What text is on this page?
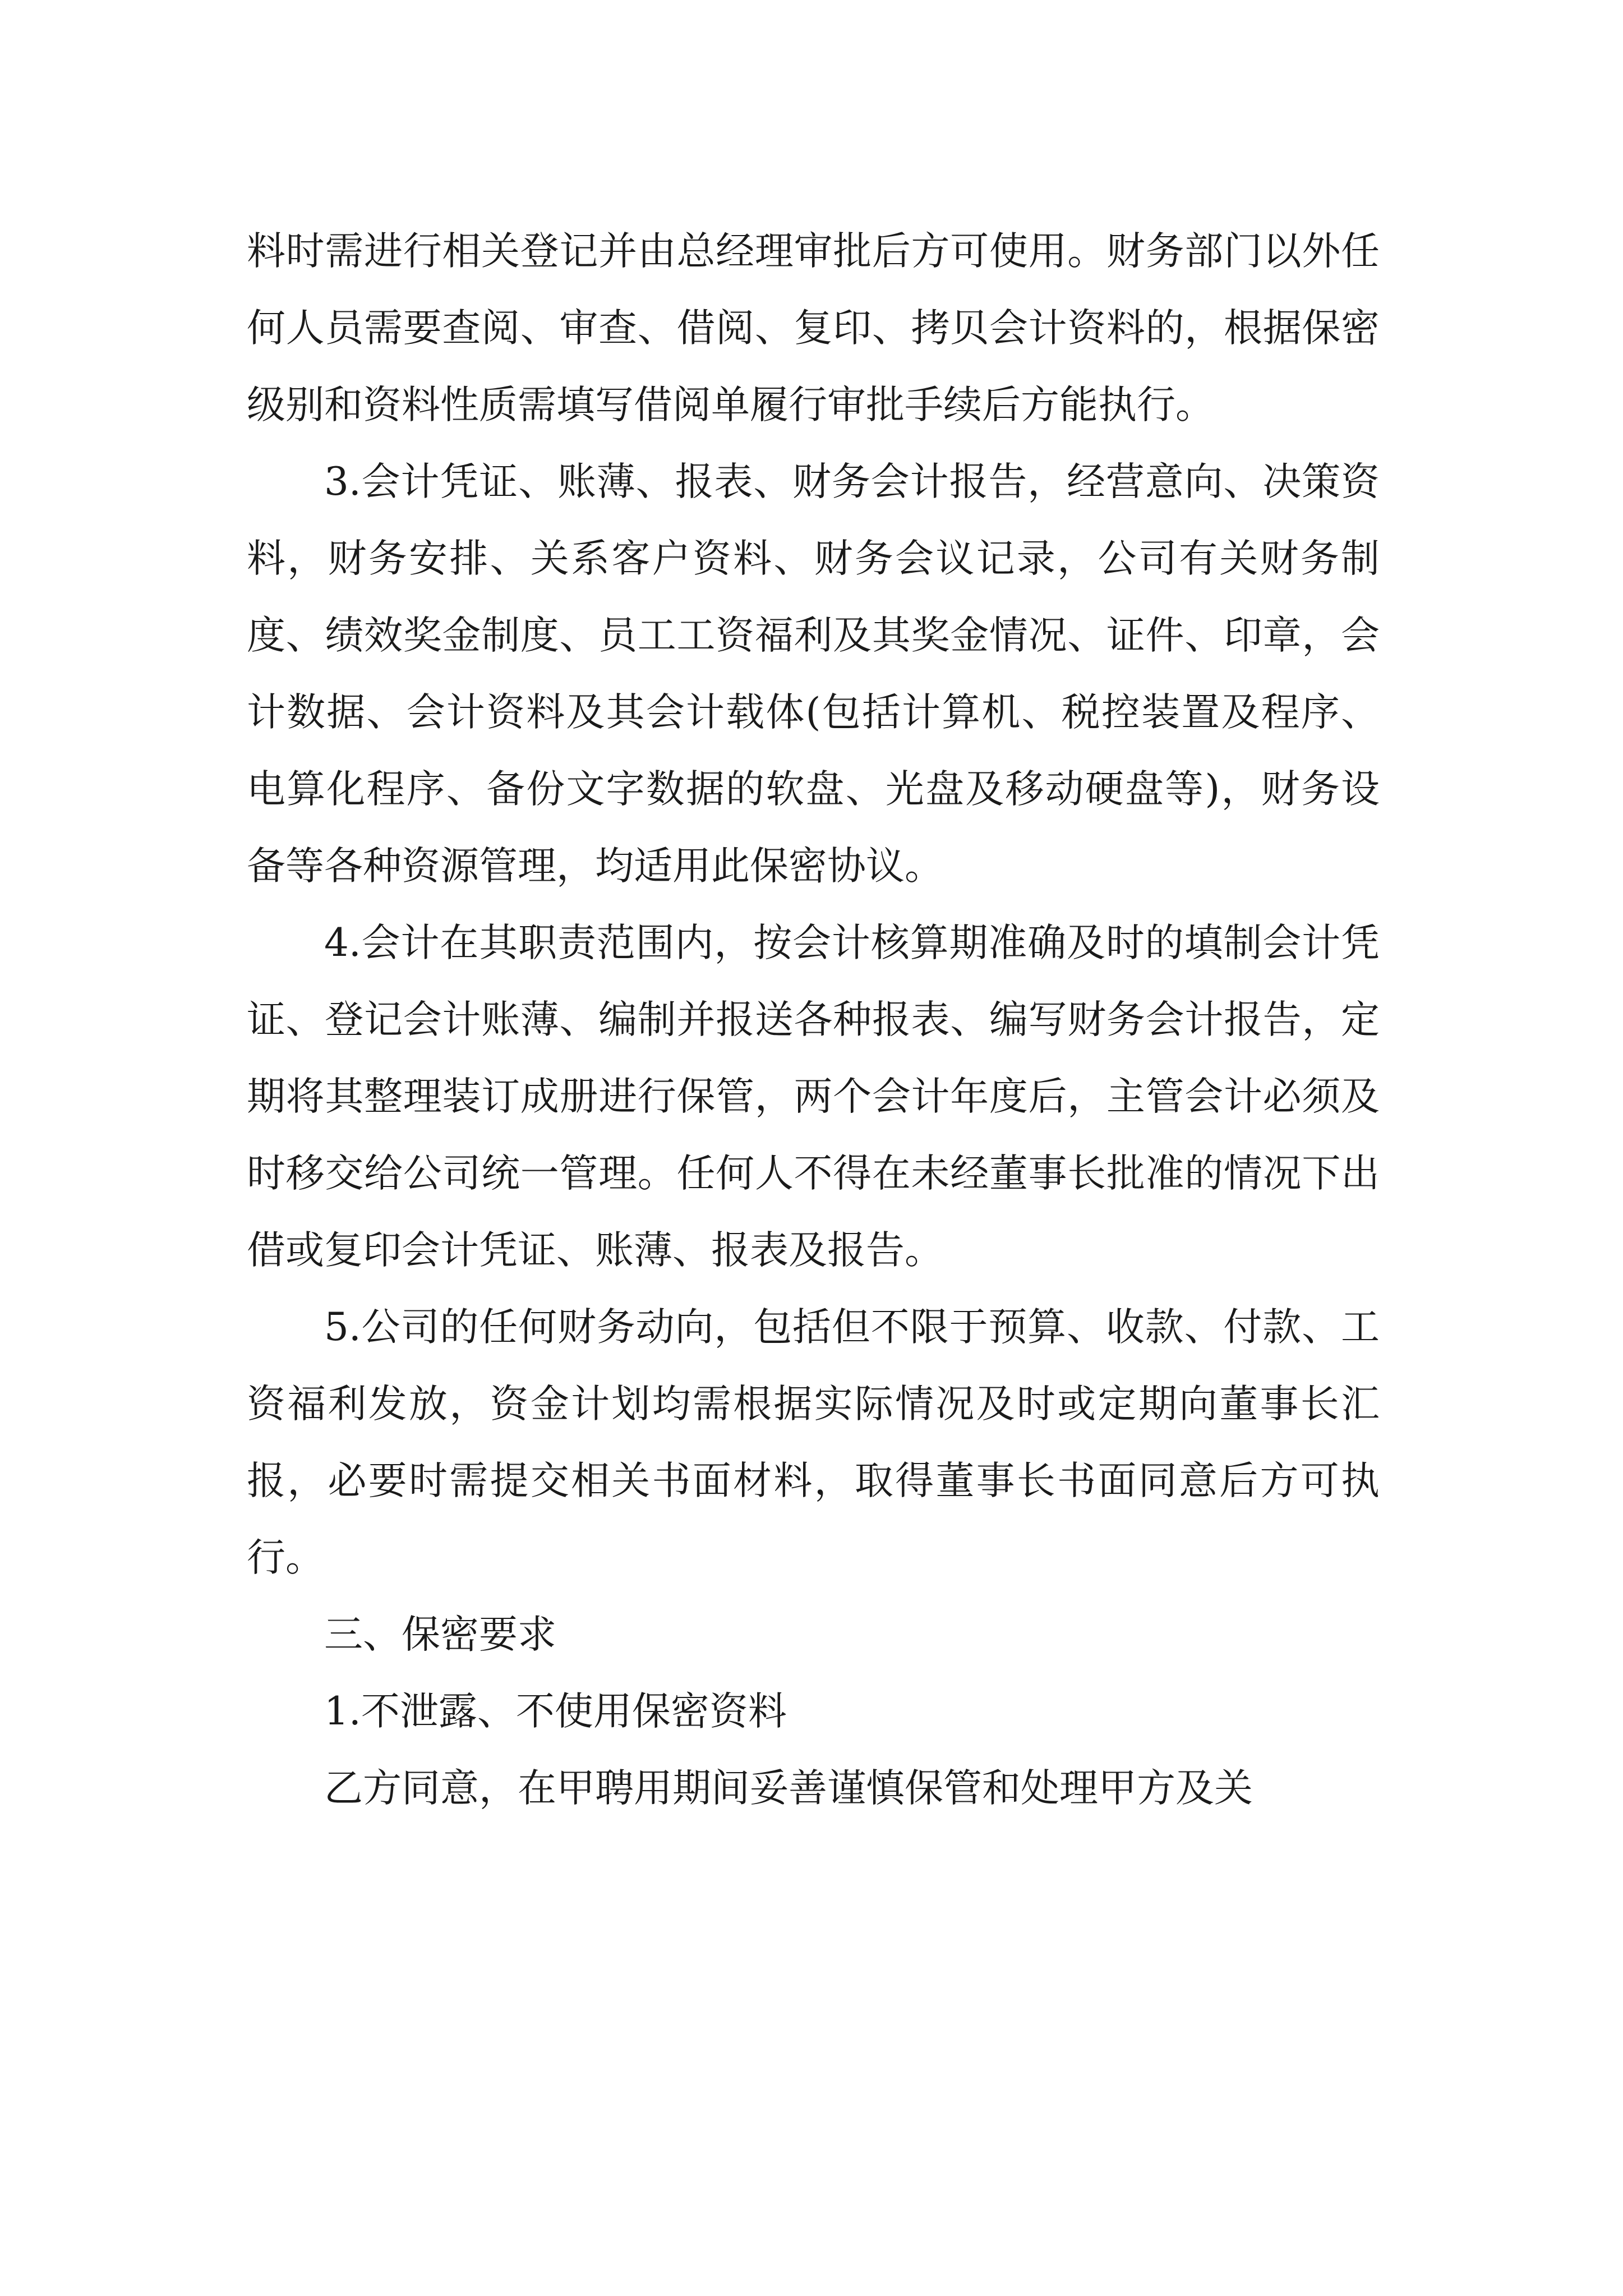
料时需进行相关登记并由总经理审批后方可使用。财务部门以外任何人员需要查阅、审查、借阅、复印、拷贝会计资料的，根据保密级别和资料性质需填写借阅单履行审批手续后方能执行。

3.会计凭证、账薄、报表、财务会计报告，经营意向、决策资料，财务安排、关系客户资料、财务会议记录，公司有关财务制度、绩效奖金制度、员工工资福利及其奖金情况、证件、印章，会计数据、会计资料及其会计载体(包括计算机、税控装置及程序、电算化程序、备份文字数据的软盘、光盘及移动硬盘等)，财务设备等各种资源管理，均适用此保密协议。

4.会计在其职责范围内，按会计核算期准确及时的填制会计凭证、登记会计账薄、编制并报送各种报表、编写财务会计报告，定期将其整理装订成册进行保管，两个会计年度后，主管会计必须及时移交给公司统一管理。任何人不得在未经董事长批准的情况下出借或复印会计凭证、账薄、报表及报告。

5.公司的任何财务动向，包括但不限于预算、收款、付款、工资福利发放，资金计划均需根据实际情况及时或定期向董事长汇报，必要时需提交相关书面材料，取得董事长书面同意后方可执行。

三、保密要求

1.不泄露、不使用保密资料

乙方同意，在甲聘用期间妥善谨慎保管和处理甲方及关
